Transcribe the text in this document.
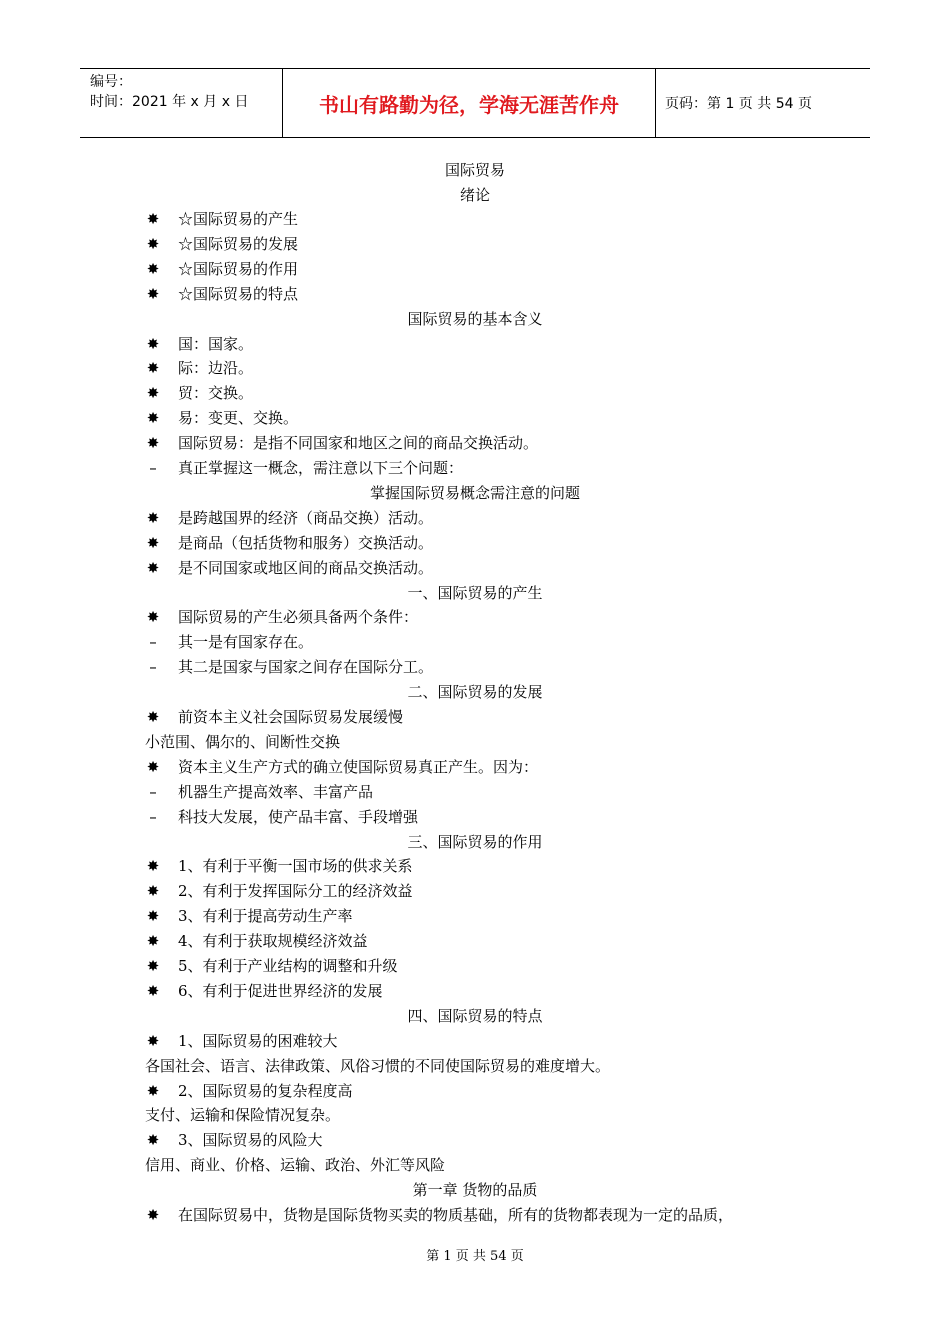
编号：
时间：2021 年 x 月 x 日	书山有路勤为径，学海无涯苦作舟	页码：第 1 页 共 54 页
国际贸易
绪论
✸ ☆国际贸易的产生
✸ ☆国际贸易的发展
✸ ☆国际贸易的作用
✸ ☆国际贸易的特点
国际贸易的基本含义
✸ 国：国家。
✸ 际：边沿。
✸ 贸：交换。
✸ 易：变更、交换。
✸ 国际贸易：是指不同国家和地区之间的商品交换活动。
– 真正掌握这一概念，需注意以下三个问题：
掌握国际贸易概念需注意的问题
✸ 是跨越国界的经济（商品交换）活动。
✸ 是商品（包括货物和服务）交换活动。
✸ 是不同国家或地区间的商品交换活动。
一、国际贸易的产生
✸ 国际贸易的产生必须具备两个条件：
– 其一是有国家存在。
– 其二是国家与国家之间存在国际分工。
二、国际贸易的发展
✸ 前资本主义社会国际贸易发展缓慢
小范围、偶尔的、间断性交换
✸ 资本主义生产方式的确立使国际贸易真正产生。因为：
– 机器生产提高效率、丰富产品
– 科技大发展，使产品丰富、手段增强
三、国际贸易的作用
✸ 1、有利于平衡一国市场的供求关系
✸ 2、有利于发挥国际分工的经济效益
✸ 3、有利于提高劳动生产率
✸ 4、有利于获取规模经济效益
✸ 5、有利于产业结构的调整和升级
✸ 6、有利于促进世界经济的发展
四、国际贸易的特点
✸ 1、国际贸易的困难较大
各国社会、语言、法律政策、风俗习惯的不同使国际贸易的难度增大。
✸ 2、国际贸易的复杂程度高
支付、运输和保险情况复杂。
✸ 3、国际贸易的风险大
信用、商业、价格、运输、政治、外汇等风险
第一章 货物的品质
✸ 在国际贸易中，货物是国际货物买卖的物质基础，所有的货物都表现为一定的品质，
第 1 页 共 54 页
